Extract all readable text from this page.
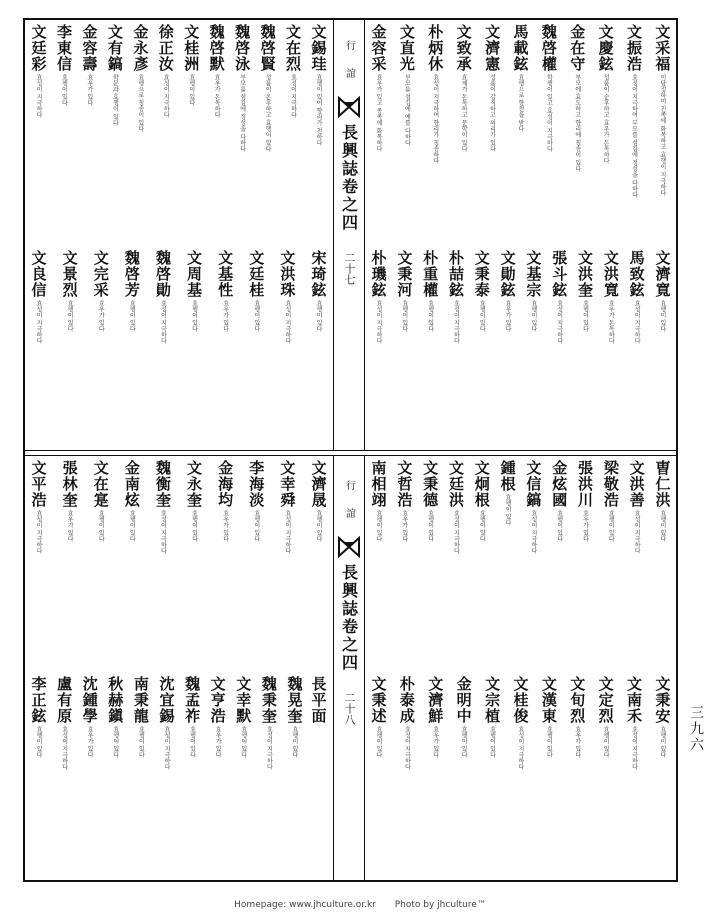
行
誼
長興誌卷之四
二十七
行
誼
長興誌卷之四
二十八
文采福
이당정하여 친족에 화목하고 효행이 지극하다
文振浩
효성이 지극하여 부모를 섬김에 정성을 다하다
文慶鉉
성품이 순후하고 효우가 돈독하다
金在守
부모에 효도하고 향리에 칭송이 있다
魏啓權
학행이 있고 효성이 지극하다
馬載鉉
효행으로 향천을 받다
文濟憲
성품이 강직하고 의리가 있다
文致承
효제가 돈독하고 문학이 있다
朴炳休
효성이 지극하여 향리가 칭송하다
文直光
부모를 섬김에 예를 다하다
金容采
효우가 있고 종족에 화목하다
文錫珪
효행이 있어 향리가 천하다
文在烈
효성이 지극하다
魏啓賢
성품이 온후하고 효행이 있다
魏啓泳
부모를 섬김에 정성을 다하다
魏啓默
효우가 돈독하다
文桂洲
효행이 있다
徐正汝
효성이 지극하다
金永彥
효행으로 칭송이 있다
文有鎬
학문과 효행이 있다
金容壽
효우가 있다
李東信
효행이 있다
文廷彩
효성이 지극하다
文濟寬
효행이 있다
馬致鉉
효성이 지극하다
文洪寬
효우가 돈독하다
文洪奎
효행이 있다
張斗鉉
효성이 지극하다
文基宗
효행이 있다
文勛鉉
효우가 있다
文秉泰
효행이 있다
朴喆鉉
효성이 지극하다
朴重權
효행이 있다
文秉河
효행이 있다
朴璣鉉
효성이 지극하다
宋琦鉉
효행이 있다
文洪珠
효성이 지극하다
文廷桂
효행이 있다
文基性
효우가 있다
文周基
효행이 있다
魏啓勛
효성이 지극하다
魏啓芳
효행이 있다
文完采
효우가 있다
文景烈
효행이 있다
文良信
효성이 지극하다
曺仁洪
효행이 있다
文洪善
효성이 지극하다
梁敬浩
효행이 있다
張洪川
효우가 있다
金炫國
효행이 있다
文信鎬
효성이 지극하다
鍾根
효행이 있다
文炯根
효행이 있다
文廷洪
효성이 지극하다
文秉德
효행이 있다
文哲浩
효우가 있다
南相翊
효행이 있다
文濟晟
효행이 있다
文幸舜
효성이 지극하다
李海淡
효행이 있다
金海均
효우가 있다
文永奎
효행이 있다
魏衡奎
효성이 지극하다
金南炫
효행이 있다
文在寔
효행이 있다
張林奎
효우가 있다
文平浩
효성이 지극하다
文秉安
효행이 있다
文南禾
효성이 지극하다
文定烈
효행이 있다
文旬烈
효우가 있다
文漢東
효행이 있다
文桂俊
효성이 지극하다
文宗植
효행이 있다
金明中
효행이 있다
文濟鮮
효우가 있다
朴泰成
효성이 지극하다
文秉述
효행이 있다
魏晃奎
효행이 있다
魏秉奎
효성이 지극하다
文幸默
효행이 있다
文亨浩
효우가 있다
魏孟祚
효행이 있다
沈宜錫
효성이 지극하다
南秉龍
효행이 있다
秋赫鎭
효행이 있다
沈鍾學
효우가 있다
盧有原
효성이 지극하다
李正鉉
효행이 있다
長平面
三九六
Homepage: www.jhculture.or.kr Photo by jhculture™
